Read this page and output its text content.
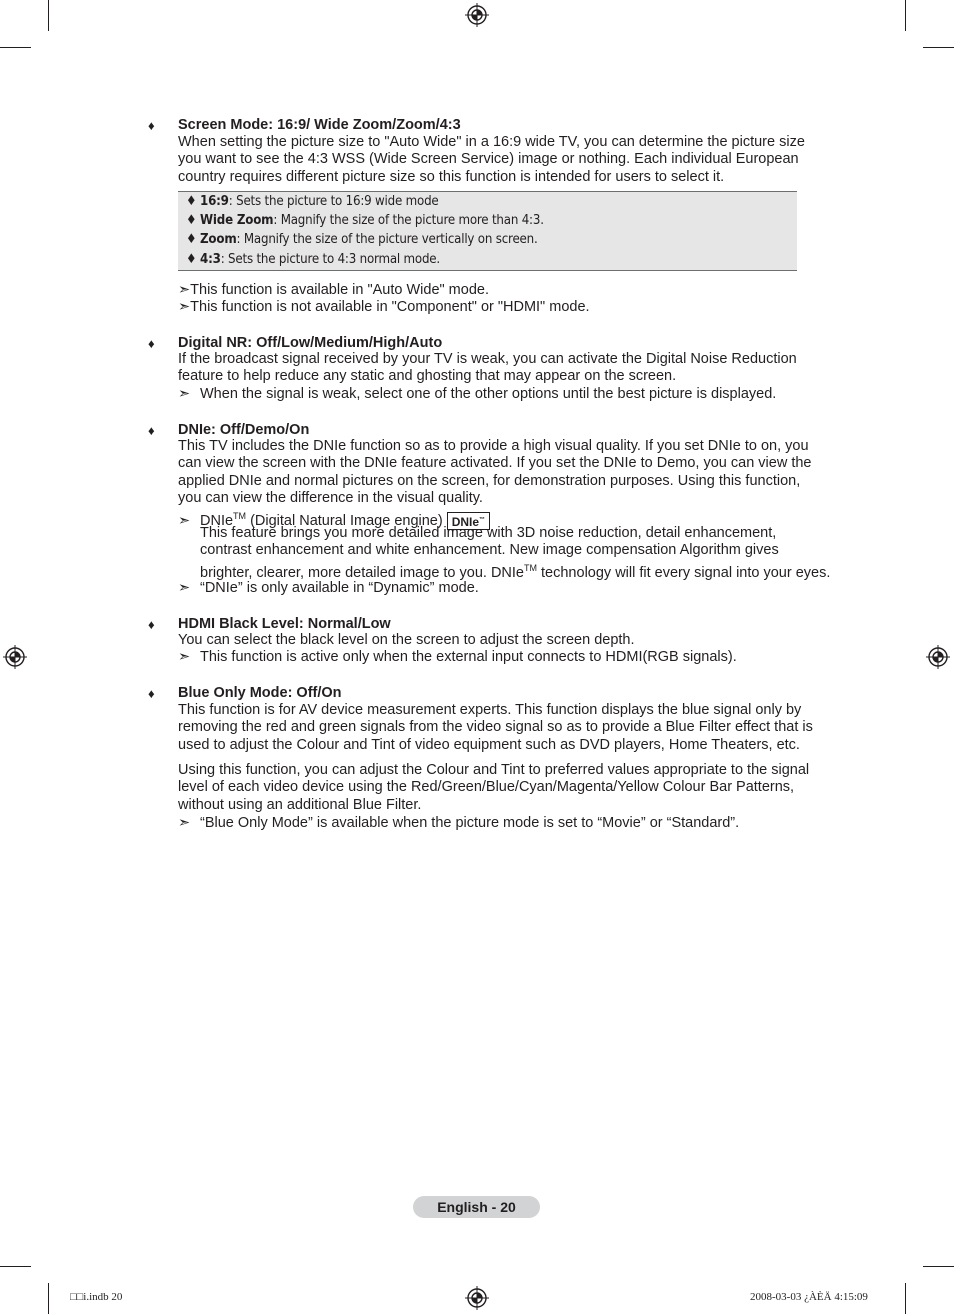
♦ Screen Mode: 16:9/ Wide Zoom/Zoom/4:3
When setting the picture size to "Auto Wide" in a 16:9 wide TV, you can determine the picture size
you want to see the 4:3 WSS (Wide Screen Service) image or nothing. Each individual European
country requires different picture size so this function is intended for users to select it.
♦ 16:9: Sets the picture to 16:9 wide mode
♦ Wide Zoom: Magnify the size of the picture more than 4:3.
♦ Zoom: Magnify the size of the picture vertically on screen.
♦ 4:3: Sets the picture to 4:3 normal mode.
➣This function is available in "Auto Wide" mode.
➣This function is not available in "Component" or "HDMI" mode.
♦ Digital NR: Off/Low/Medium/High/Auto
If the broadcast signal received by your TV is weak, you can activate the Digital Noise Reduction
feature to help reduce any static and ghosting that may appear on the screen.
➣ When the signal is weak, select one of the other options until the best picture is displayed.
♦ DNIe: Off/Demo/On
This TV includes the DNIe function so as to provide a high visual quality. If you set DNIe to on, you
can view the screen with the DNIe feature activated. If you set the DNIe to Demo, you can view the
applied DNIe and normal pictures on the screen, for demonstration purposes. Using this function,
you can view the difference in the visual quality.
➣ DNIe™ (Digital Natural Image engine) DNIe™
This feature brings you more detailed image with 3D noise reduction, detail enhancement,
contrast enhancement and white enhancement. New image compensation Algorithm gives
brighter, clearer, more detailed image to you. DNIe™ technology will fit every signal into your eyes.
➣ “DNIe” is only available in “Dynamic” mode.
♦ HDMI Black Level: Normal/Low
You can select the black level on the screen to adjust the screen depth.
➣ This function is active only when the external input connects to HDMI(RGB signals).
♦ Blue Only Mode: Off/On
This function is for AV device measurement experts. This function displays the blue signal only by
removing the red and green signals from the video signal so as to provide a Blue Filter effect that is
used to adjust the Colour and Tint of video equipment such as DVD players, Home Theaters, etc.
Using this function, you can adjust the Colour and Tint to preferred values appropriate to the signal
level of each video device using the Red/Green/Blue/Cyan/Magenta/Yellow Colour Bar Patterns,
without using an additional Blue Filter.
➣ “Blue Only Mode” is available when the picture mode is set to “Movie” or “Standard”.
English - 20
□□i.indb 20	2008-03-03 ¿ÀÈÄ 4:15:09
